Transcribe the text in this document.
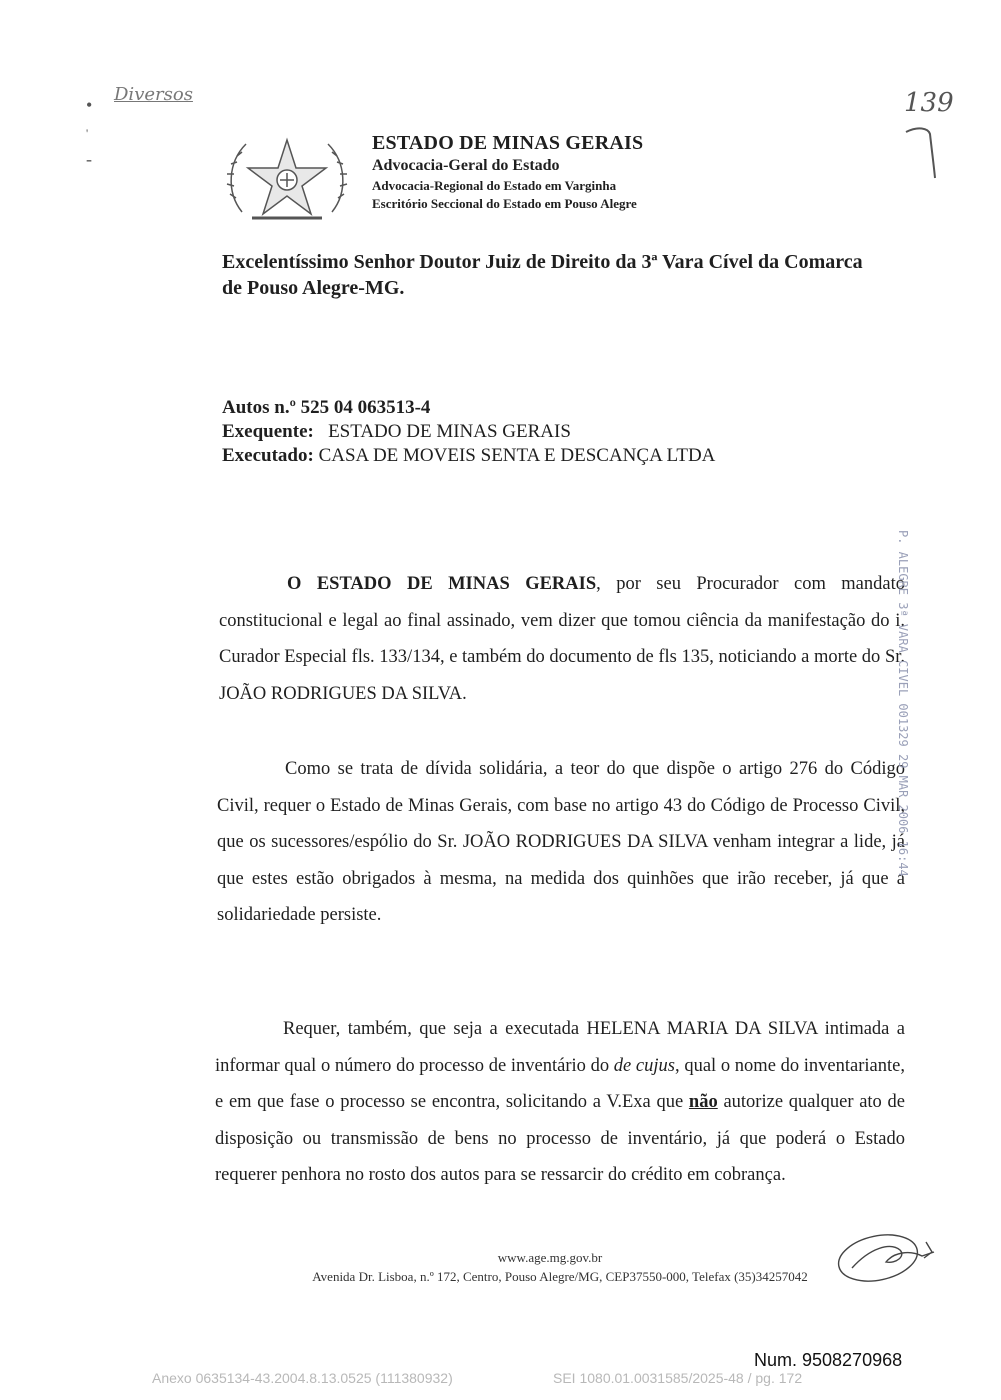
•
'
-
Diversos	139
ESTADO DE MINAS GERAIS
Advocacia-Geral do Estado
Advocacia-Regional do Estado em Varginha
Escritório Seccional do Estado em Pouso Alegre
Excelentíssimo Senhor Doutor Juiz de Direito da 3ª Vara Cível da Comarca
de Pouso Alegre-MG.
Autos n.º 525 04 063513-4
Exequente: ESTADO DE MINAS GERAIS
Executado: CASA DE MOVEIS SENTA E DESCANÇA LTDA
O ESTADO DE MINAS GERAIS, por seu Procurador com mandato constitucional e legal ao final assinado, vem dizer que tomou ciência da manifestação do i. Curador Especial fls. 133/134, e também do documento de fls 135, noticiando a morte do Sr. JOÃO RODRIGUES DA SILVA.
Como se trata de dívida solidária, a teor do que dispõe o artigo 276 do Código Civil, requer o Estado de Minas Gerais, com base no artigo 43 do Código de Processo Civil, que os sucessores/espólio do Sr. JOÃO RODRIGUES DA SILVA venham integrar a lide, já que estes estão obrigados à mesma, na medida dos quinhões que irão receber, já que a solidariedade persiste.
Requer, também, que seja a executada HELENA MARIA DA SILVA intimada a informar qual o número do processo de inventário do de cujus, qual o nome do inventariante, e em que fase o processo se encontra, solicitando a V.Exa que não autorize qualquer ato de disposição ou transmissão de bens no processo de inventário, já que poderá o Estado requerer penhora no rosto dos autos para se ressarcir do crédito em cobrança.
P. ALEGRE 3ª VARA CIVEL 001329 29 MAR 2006 16:44
www.age.mg.gov.br
Avenida Dr. Lisboa, n.º 172, Centro, Pouso Alegre/MG, CEP37550-000, Telefax (35)34257042
Num. 9508270968
Anexo 0635134-43.2004.8.13.0525 (111380932)	SEI 1080.01.0031585/2025-48 / pg. 172
